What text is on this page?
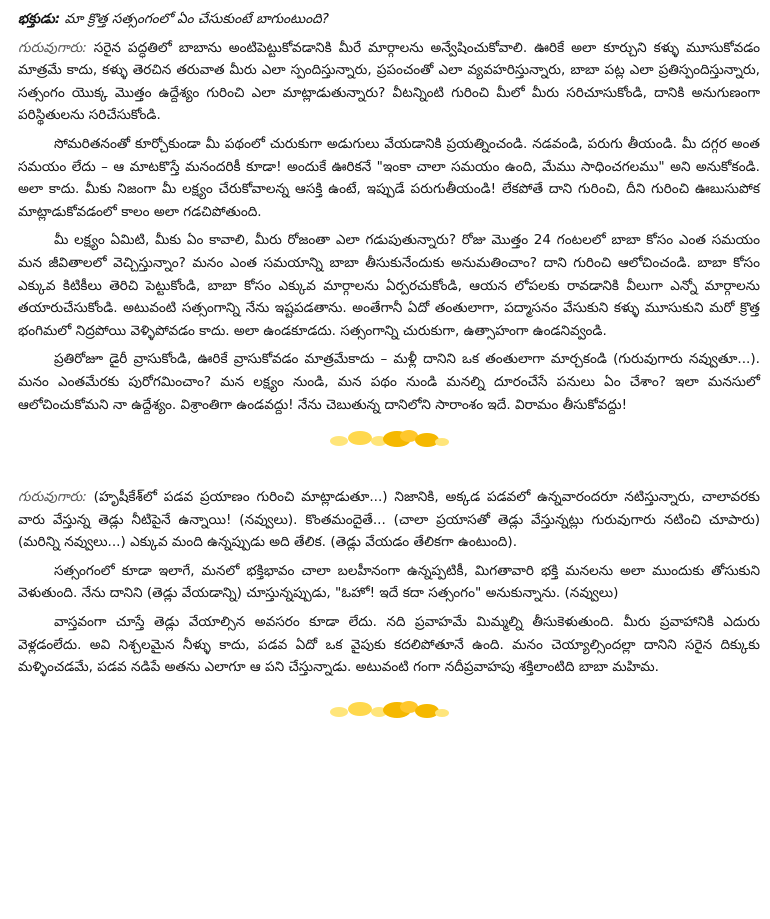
భక్తుడు: మా క్రొత్త సత్సంగంలో ఏం చేసుకుంటే బాగుంటుంది?

గురువుగారు: సరైన పద్ధతిలో బాబాను అంటిపెట్టుకోవడానికి మీరే మార్గాలను అన్వేషించుకోవాలి. ఊరికే అలా కూర్చుని కళ్ళు మూసుకోవడం మాత్రమే కాదు, కళ్ళు తెరచిన తరువాత మీరు ఎలా స్పందిస్తున్నారు, ప్రపంచంతో ఎలా వ్యవహరిస్తున్నారు, బాబా పట్ల ఎలా ప్రతిస్పందిస్తున్నారు, సత్సంగం యొక్క మొత్తం ఉద్దేశ్యం గురించి ఎలా మాట్లాడుతున్నారు? వీటన్నింటి గురించి మీలో మీరు సరిచూసుకోండి, దానికి అనుగుణంగా పరిస్థితులను సరిచేసుకోండి.

సోమరితనంతో కూర్చోకుండా మీ పథంలో చురుకుగా అడుగులు వేయడానికి ప్రయత్నించండి. నడవండి, పరుగు తీయండి. మీ దగ్గర అంత సమయం లేదు – ఆ మాటకొస్తే మనందరికీ కూడా! అందుకే ఊరికనే "ఇంకా చాలా సమయం ఉంది, మేము సాధించగలము" అని అనుకోకండి. అలా కాదు. మీకు నిజంగా మీ లక్ష్యం చేరుకోవాలన్న ఆసక్తి ఉంటే, ఇప్పుడే పరుగుతీయండి! లేకపోతే దాని గురించి, దీని గురించి ఊబుసుపోక మాట్లాడుకోవడంలో కాలం అలా గడచిపోతుంది.

మీ లక్ష్యం ఏమిటి, మీకు ఏం కావాలి, మీరు రోజంతా ఎలా గడుపుతున్నారు? రోజు మొత్తం 24 గంటలలో బాబా కోసం ఎంత సమయం మన జీవితాలలో వెచ్చిస్తున్నాం? మనం ఎంత సమయాన్ని బాబా తీసుకునేందుకు అనుమతించాం? దాని గురించి ఆలోచించండి. బాబా కోసం ఎక్కువ కిటికీలు తెరిచి పెట్టుకోండి, బాబా కోసం ఎక్కువ మార్గాలను ఏర్పరచుకోండి, ఆయన లోపలకు రావడానికి వీలుగా ఎన్నో మార్గాలను తయారుచేసుకోండి. అటువంటి సత్సంగాన్ని నేను ఇష్టపడతాను. అంతేగానీ ఏదో తంతులాగా, పద్మాసనం వేసుకుని కళ్ళు మూసుకుని మరో క్రొత్త భంగిమలో నిద్రపోయి వెళ్ళిపోవడం కాదు. అలా ఉండకూడదు. సత్సంగాన్ని చురుకుగా, ఉత్సాహంగా ఉండనివ్వండి.

ప్రతిరోజూ డైరీ వ్రాసుకోండి, ఊరికే వ్రాసుకోవడం మాత్రమేకాదు – మళ్లీ దానిని ఒక తంతులాగా మార్చకండి (గురువుగారు నవ్వుతూ...). మనం ఎంతమేరకు పురోగమించాం? మన లక్ష్యం నుండి, మన పథం నుండి మనల్ని దూరంచేసే పనులు ఏం చేశాం? ఇలా మనసులో ఆలోచించుకోమని నా ఉద్దేశ్యం. విశ్రాంతిగా ఉండవద్దు! నేను చెబుతున్న దానిలోని సారాంశం ఇదే. విరామం తీసుకోవద్దు!

గురువుగారు: (హృషీకేశ్‌లో పడవ ప్రయాణం గురించి మాట్లాడుతూ...) నిజానికి, అక్కడ పడవలో ఉన్నవారందరూ నటిస్తున్నారు, చాలావరకు వారు వేస్తున్న తెడ్లు నీటిపైనే ఉన్నాయి! (నవ్వులు). కొంతమందైతే... (చాలా ప్రయాసతో తెడ్లు వేస్తున్నట్లు గురువుగారు నటించి చూపారు) (మరిన్ని నవ్వులు...) ఎక్కువ మంది ఉన్నప్పుడు అది తేలిక. (తెడ్లు వేయడం తేలికగా ఉంటుంది).

సత్సంగంలో కూడా ఇలాగే, మనలో భక్తిభావం చాలా బలహీనంగా ఉన్నప్పటికీ, మిగతావారి భక్తి మనలను అలా ముందుకు తోసుకుని వెళుతుంది. నేను దానిని (తెడ్లు వేయడాన్ని) చూస్తున్నప్పుడు, "ఓహో! ఇదే కదా సత్సంగం" అనుకున్నాను. (నవ్వులు)

వాస్తవంగా చూస్తే తెడ్లు వేయాల్సిన అవసరం కూడా లేదు. నది ప్రవాహమే మిమ్మల్ని తీసుకెళుతుంది. మీరు ప్రవాహానికి ఎదురు వెళ్లడంలేదు. అవి నిశ్చలమైన నీళ్ళు కాదు, పడవ ఏదో ఒక వైపుకు కదలిపోతూనే ఉంది. మనం చెయ్యాల్సిందల్లా దానిని సరైన దిక్కుకు మళ్ళించడమే, పడవ నడిపే అతను ఎలాగూ ఆ పని చేస్తున్నాడు. అటువంటి గంగా నదీప్రవాహపు శక్తిలాంటిది బాబా మహిమ.
